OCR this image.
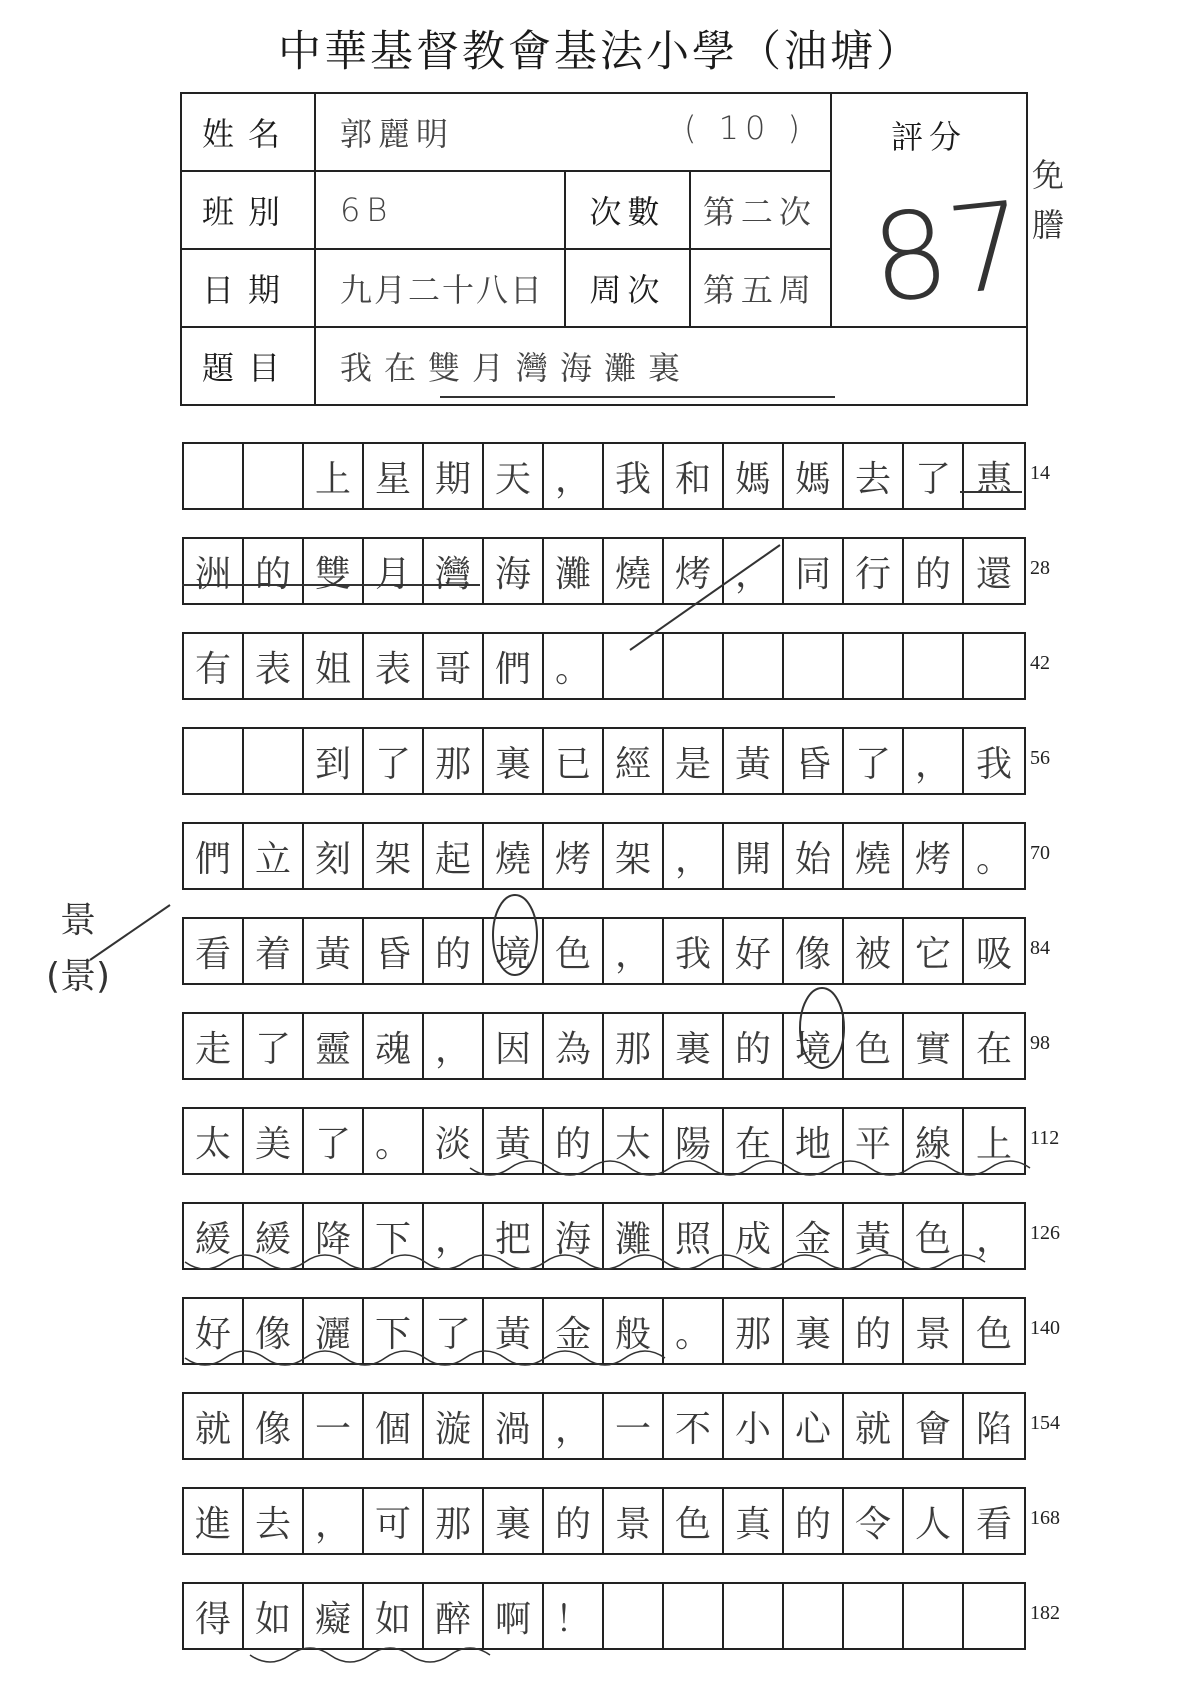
中華基督教會基法小學（油塘）
姓名	郭麗明 ( 10 )			評分
87

班別	6B	次數	第二次	
日期	九月二十八日	周次	第五周	
題目	我在雙月灣海灘裏			
免謄
景
(景)
上 星 期 天 ， 我 和 媽 媽 去 了 惠 14
洲 的 雙 月 灣 海 灘 燒 烤 ， 同 行 的 還 28
有 表 姐 表 哥 們 。	42
到 了 那 裏 已 經 是 黃 昏 了 ， 我 56
們 立 刻 架 起 燒 烤 架 ， 開 始 燒 烤 。 70
看 着 黃 昏 的 境 色 ， 我 好 像 被 它 吸 84
走 了 靈 魂 ， 因 為 那 裏 的 境 色 實 在 98
太 美 了 。 淡 黃 的 太 陽 在 地 平 線 上 112
緩 緩 降 下 ， 把 海 灘 照 成 金 黃 色 ， 126
好 像 灑 下 了 黃 金 般 。 那 裏 的 景 色 140
就 像 一 個 漩 渦 ， 一 不 小 心 就 會 陷 154
進 去 ， 可 那 裏 的 景 色 真 的 令 人 看 168
得 如 癡 如 醉 啊 ！	182
